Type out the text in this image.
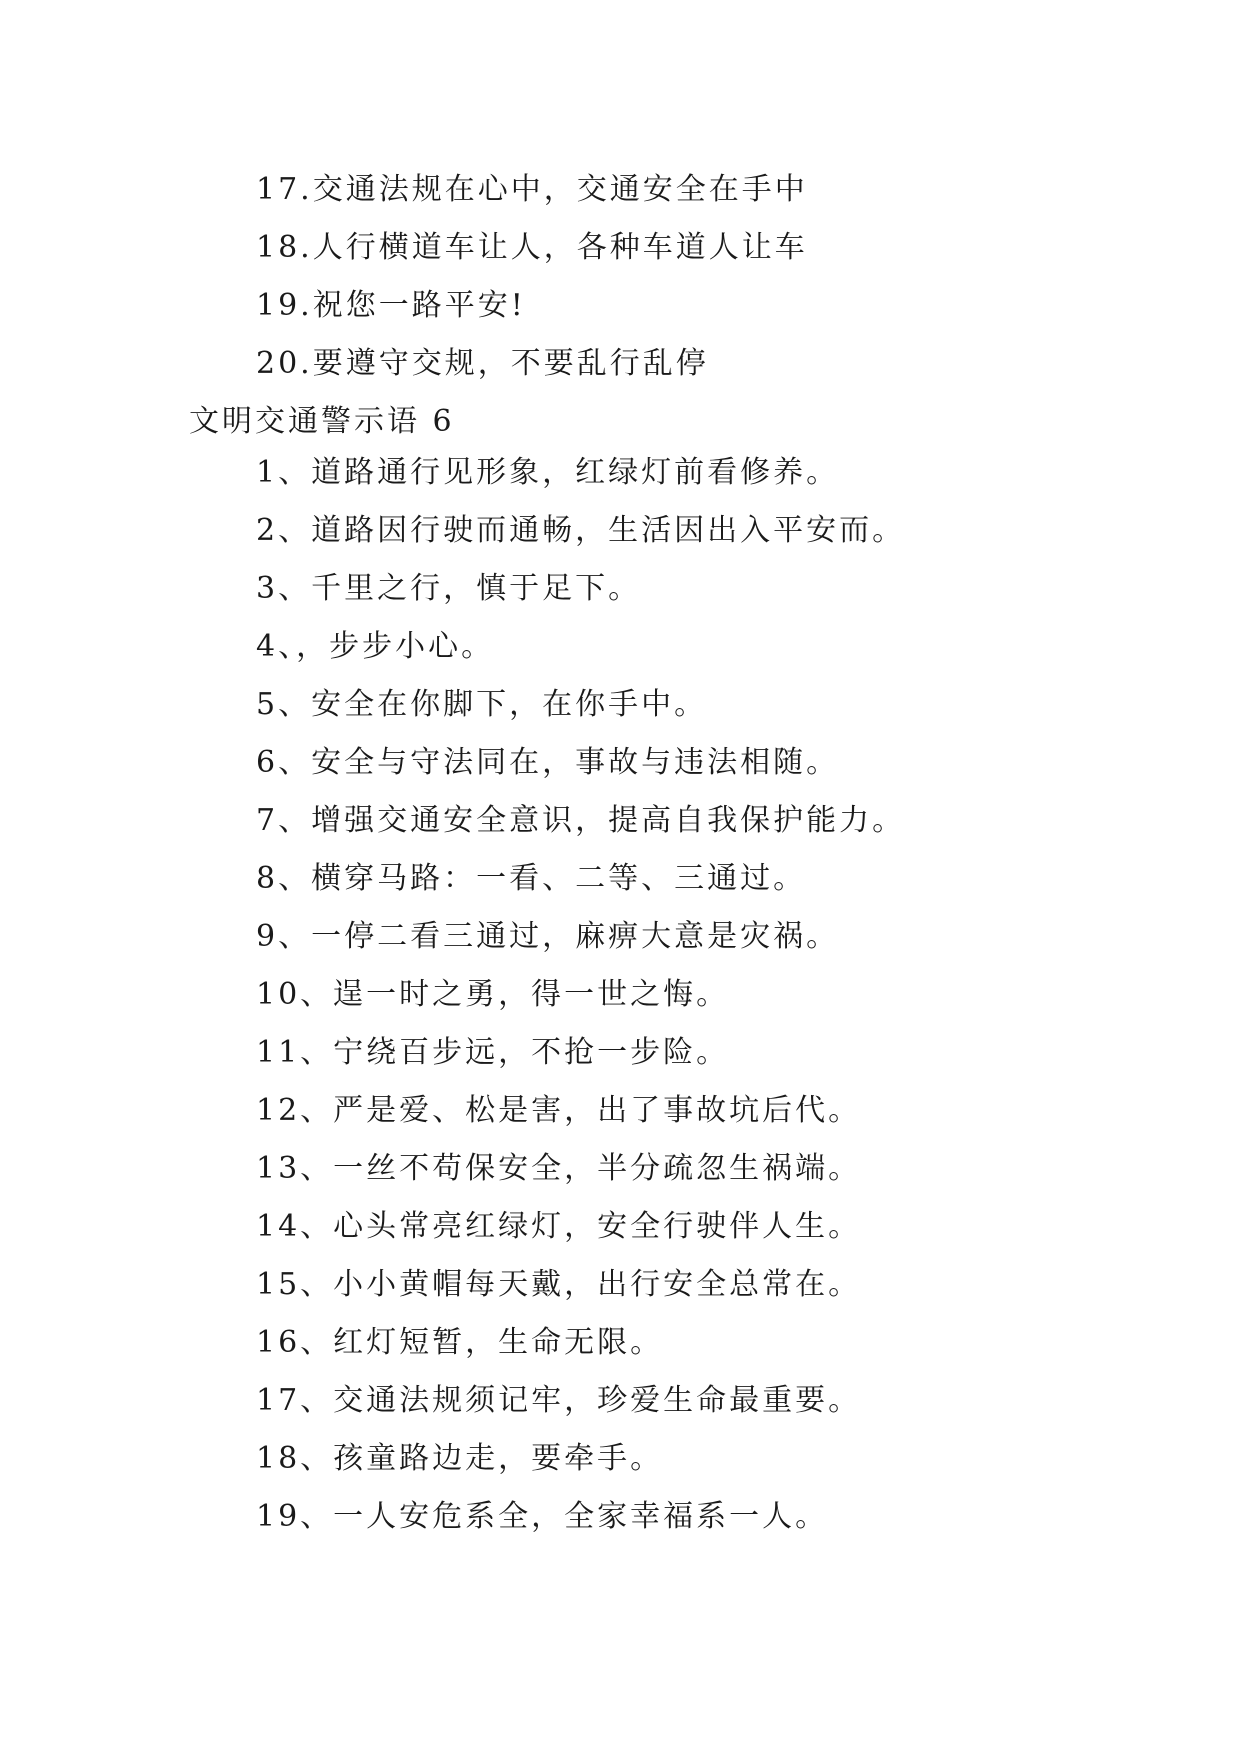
17.交通法规在心中，交通安全在手中
18.人行横道车让人，各种车道人让车
19.祝您一路平安!
20.要遵守交规，不要乱行乱停
文明交通警示语 6
1、道路通行见形象，红绿灯前看修养。
2、道路因行驶而通畅，生活因出入平安而。
3、千里之行，慎于足下。
4、，步步小心。
5、安全在你脚下，在你手中。
6、安全与守法同在，事故与违法相随。
7、增强交通安全意识，提高自我保护能力。
8、横穿马路：一看、二等、三通过。
9、一停二看三通过，麻痹大意是灾祸。
10、逞一时之勇，得一世之悔。
11、宁绕百步远，不抢一步险。
12、严是爱、松是害，出了事故坑后代。
13、一丝不苟保安全，半分疏忽生祸端。
14、心头常亮红绿灯，安全行驶伴人生。
15、小小黄帽每天戴，出行安全总常在。
16、红灯短暂，生命无限。
17、交通法规须记牢，珍爱生命最重要。
18、孩童路边走，要牵手。
19、一人安危系全，全家幸福系一人。
